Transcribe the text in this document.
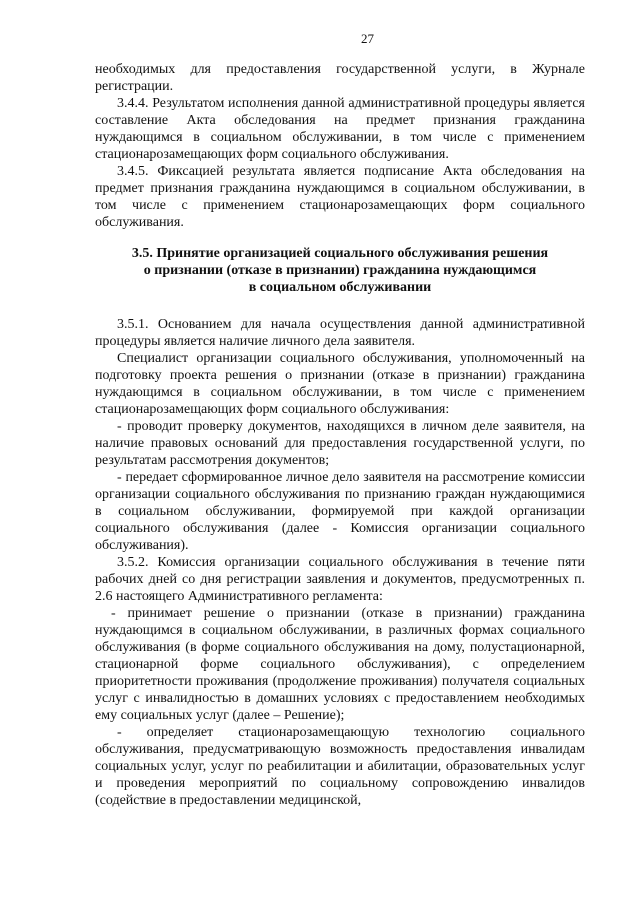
27

необходимых для предоставления государственной услуги, в Журнале регистрации.

3.4.4. Результатом исполнения данной административной процедуры является составление Акта обследования на предмет признания гражданина нуждающимся в социальном обслуживании, в том числе с применением стационарозамещающих форм социального обслуживания.

3.4.5. Фиксацией результата является подписание Акта обследования на предмет признания гражданина нуждающимся в социальном обслуживании, в том числе с применением стационарозамещающих форм социального обслуживания.

3.5. Принятие организацией социального обслуживания решения
о признании (отказе в признании) гражданина нуждающимся
в социальном обслуживании

3.5.1. Основанием для начала осуществления данной административной процедуры является наличие личного дела заявителя.

Специалист организации социального обслуживания, уполномоченный на подготовку проекта решения о признании (отказе в признании) гражданина нуждающимся в социальном обслуживании, в том числе с применением стационарозамещающих форм социального обслуживания:

- проводит проверку документов, находящихся в личном деле заявителя, на наличие правовых оснований для предоставления государственной услуги, по результатам рассмотрения документов;

- передает сформированное личное дело заявителя на рассмотрение комиссии организации социального обслуживания по признанию граждан нуждающимися в социальном обслуживании, формируемой при каждой организации социального обслуживания (далее - Комиссия организации социального обслуживания).

3.5.2. Комиссия организации социального обслуживания в течение пяти рабочих дней со дня регистрации заявления и документов, предусмотренных п. 2.6 настоящего Административного регламента:

- принимает решение о признании (отказе в признании) гражданина нуждающимся в социальном обслуживании, в различных формах социального обслуживания (в форме социального обслуживания на дому, полустационарной, стационарной форме социального обслуживания), с определением приоритетности проживания (продолжение проживания) получателя социальных услуг с инвалидностью в домашних условиях с предоставлением необходимых ему социальных услуг (далее – Решение);

- определяет стационарозамещающую технологию социального обслуживания, предусматривающую возможность предоставления инвалидам социальных услуг, услуг по реабилитации и абилитации, образовательных услуг и проведения мероприятий по социальному сопровождению инвалидов (содействие в предоставлении медицинской,
